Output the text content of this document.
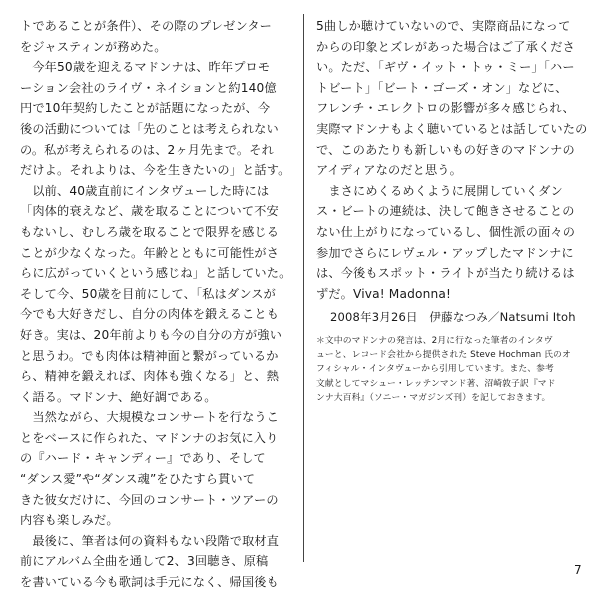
トであることが条件）、その際のプレゼンター

をジャスティンが務めた。

　今年50歳を迎えるマドンナは、昨年プロモ

ーション会社のライヴ・ネイションと約140億

円で10年契約したことが話題になったが、今

後の活動については「先のことは考えられない

の。私が考えられるのは、2ヶ月先まで。それ

だけよ。それよりは、今を生きたいの」と話す。

　以前、40歳直前にインタヴューした時には

「肉体的衰えなど、歳を取ることについて不安

もないし、むしろ歳を取ることで限界を感じる

ことが少なくなった。年齢とともに可能性がさ

らに広がっていくという感じね」と話していた。

そして今、50歳を目前にして、「私はダンスが

今でも大好きだし、自分の肉体を鍛えることも

好き。実は、20年前よりも今の自分の方が強い

と思うわ。でも肉体は精神面と繋がっているか

ら、精神を鍛えれば、肉体も強くなる」と、熱

く語る。マドンナ、絶好調である。

　当然ながら、大規模なコンサートを行なうこ

とをベースに作られた、マドンナのお気に入り

の『ハード・キャンディー』であり、そして

“ダンス愛”や“ダンス魂”をひたすら貫いて

きた彼女だけに、今回のコンサート・ツアーの

内容も楽しみだ。

　最後に、筆者は何の資料もない段階で取材直

前にアルバム全曲を通して2、3回聴き、原稿

を書いている今も歌詞は手元になく、帰国後も

5曲しか聴けていないので、実際商品になって

からの印象とズレがあった場合はご了承くださ

い。ただ、「ギヴ・イット・トゥ・ミー」「ハー

トビート」「ビート・ゴーズ・オン」などに、

フレンチ・エレクトロの影響が多々感じられ、

実際マドンナもよく聴いているとは話していたの

で、このあたりも新しいもの好きのマドンナの

アイディアなのだと思う。

　まさにめくるめくように展開していくダン

ス・ビートの連続は、決して飽きさせることの

ない仕上がりになっているし、個性派の面々の

参加でさらにレヴェル・アップしたマドンナに

は、今後もスポット・ライトが当たり続けるは

ずだ。Viva! Madonna!

2008年3月26日　伊藤なつみ／Natsumi Itoh

＊文中のマドンナの発言は、2月に行なった筆者のインタヴ

ューと、レコード会社から提供された Steve Hochman 氏のオ

フィシャル・インタヴューから引用しています。また、参考

文献としてマシュー・レッテンマンド著、沼崎敦子訳『マド

ンナ大百科』（ソニー・マガジンズ刊）を記しておきます。

7
